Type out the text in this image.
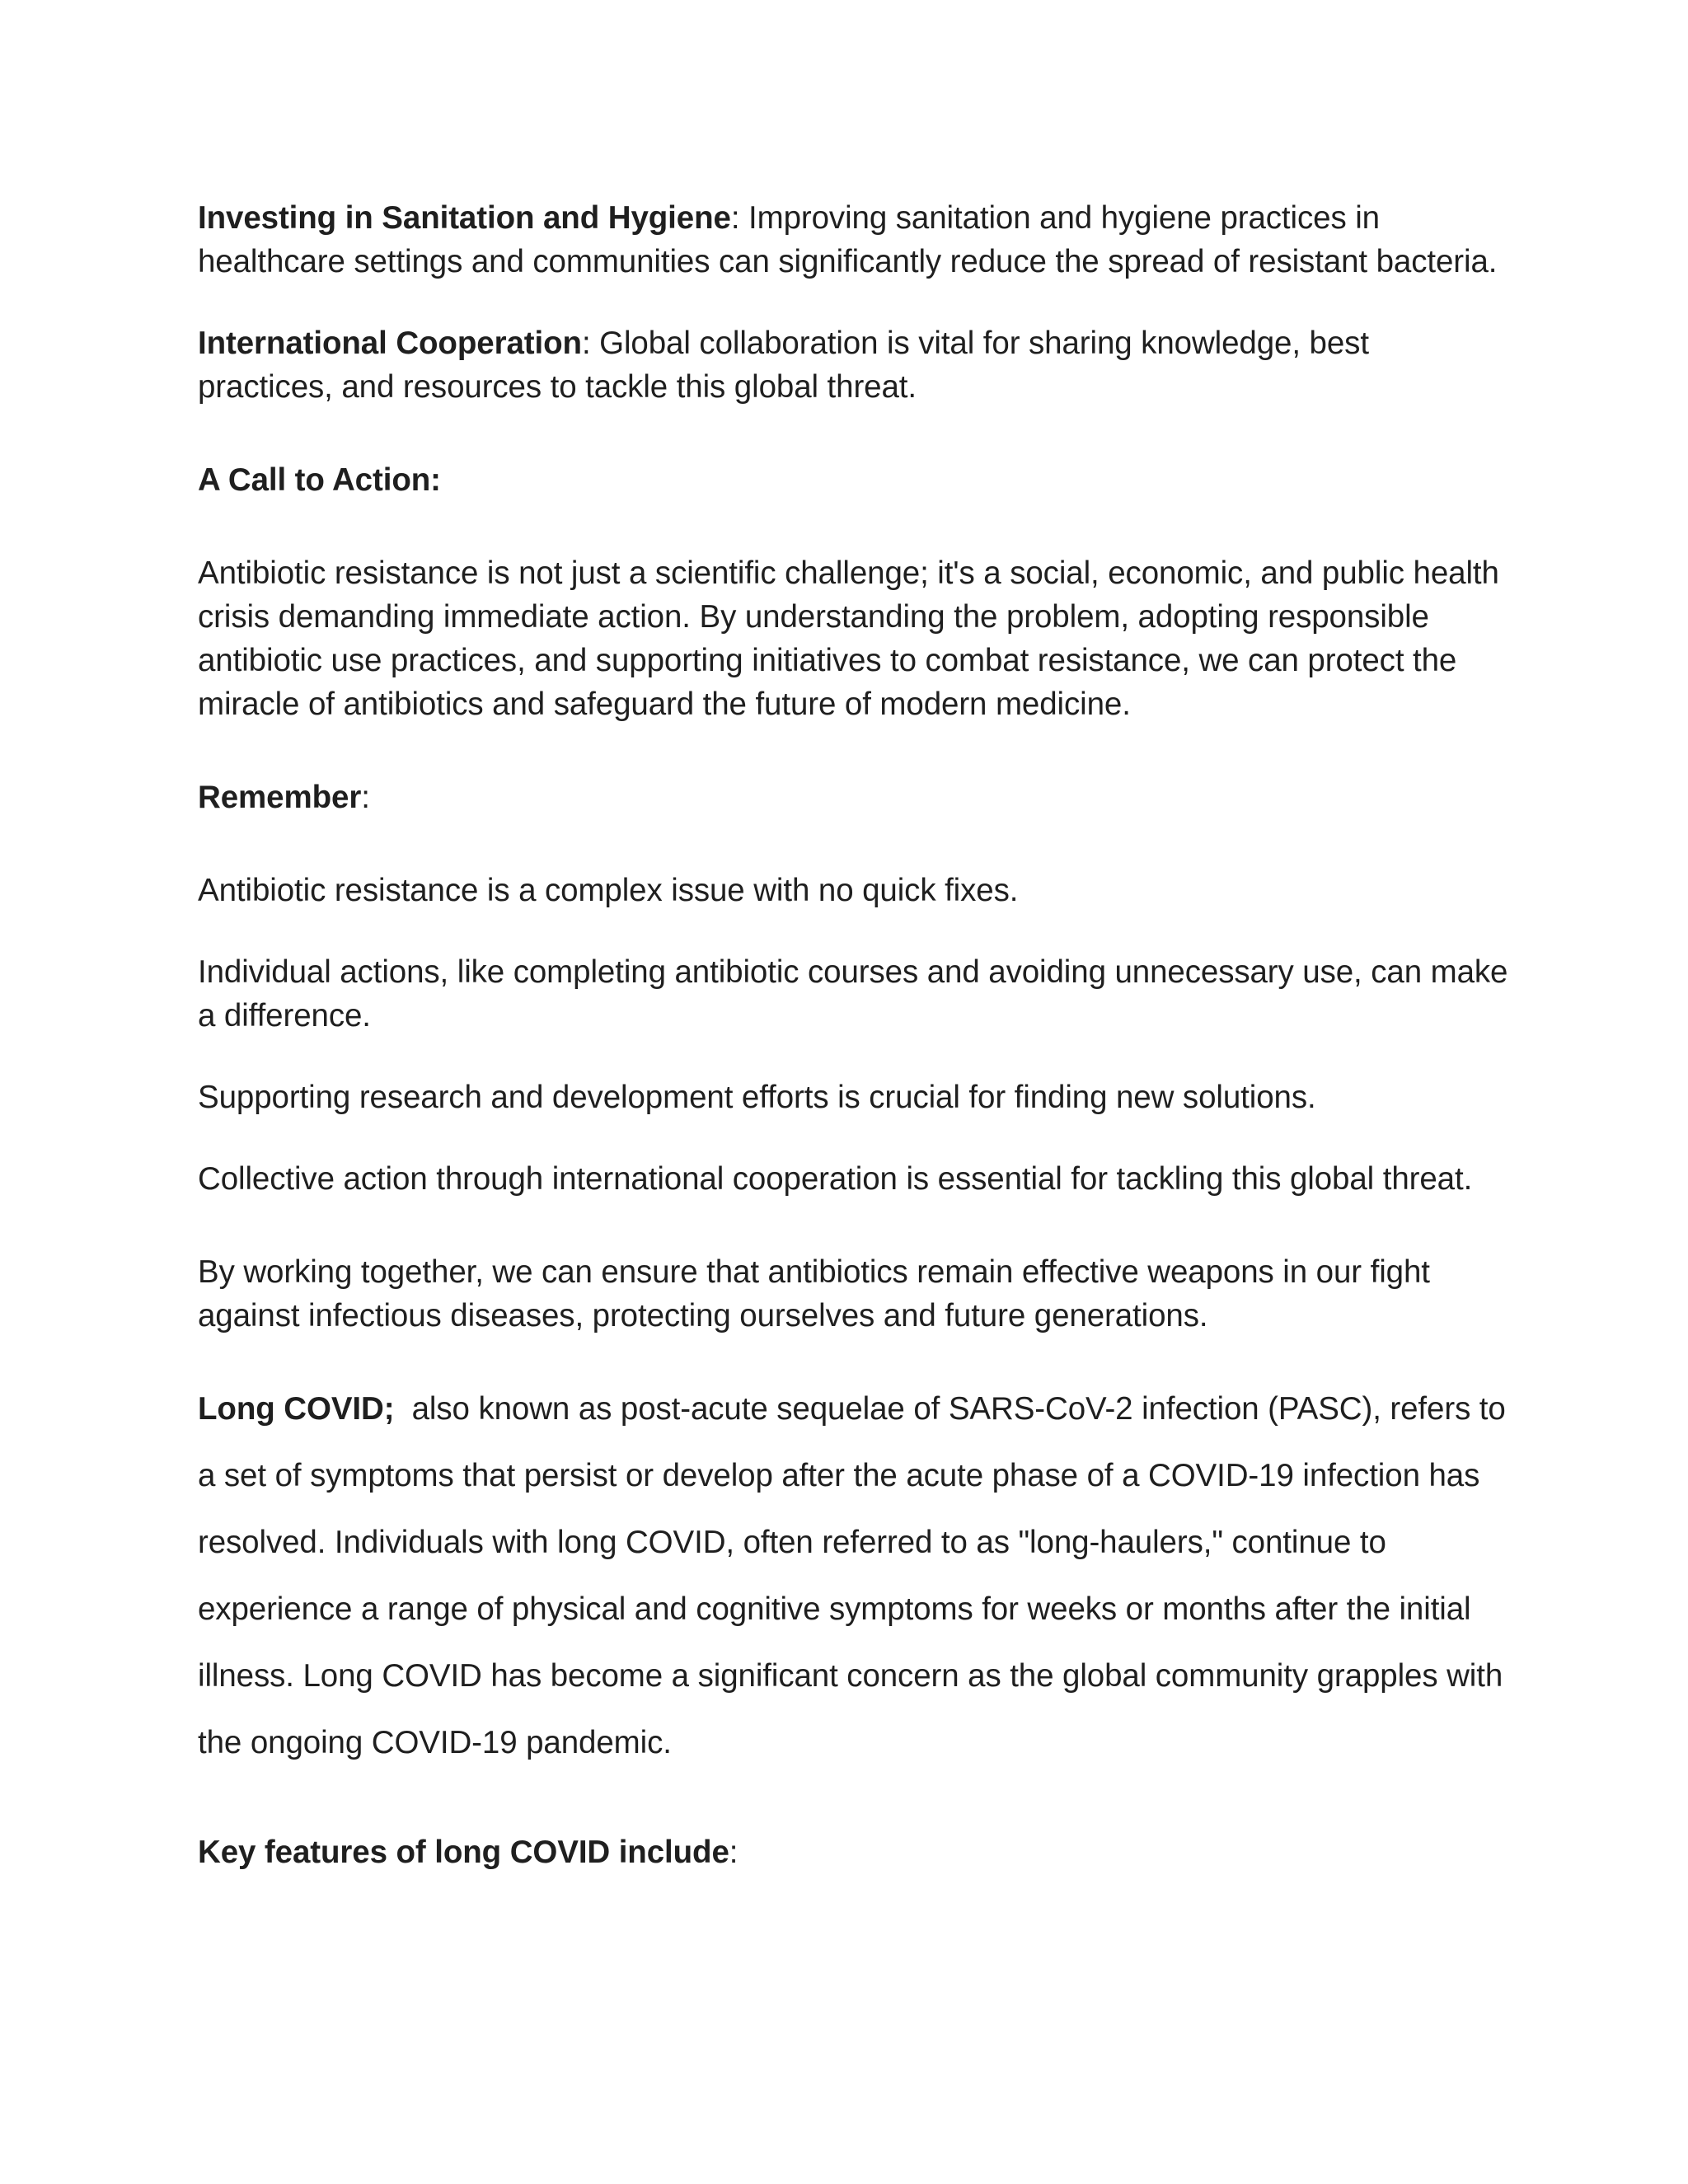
Investing in Sanitation and Hygiene: Improving sanitation and hygiene practices in healthcare settings and communities can significantly reduce the spread of resistant bacteria.

International Cooperation: Global collaboration is vital for sharing knowledge, best practices, and resources to tackle this global threat.

A Call to Action:

Antibiotic resistance is not just a scientific challenge; it's a social, economic, and public health crisis demanding immediate action. By understanding the problem, adopting responsible antibiotic use practices, and supporting initiatives to combat resistance, we can protect the miracle of antibiotics and safeguard the future of modern medicine.

Remember:

Antibiotic resistance is a complex issue with no quick fixes.

Individual actions, like completing antibiotic courses and avoiding unnecessary use, can make a difference.

Supporting research and development efforts is crucial for finding new solutions.

Collective action through international cooperation is essential for tackling this global threat.

By working together, we can ensure that antibiotics remain effective weapons in our fight against infectious diseases, protecting ourselves and future generations.

Long COVID;  also known as post-acute sequelae of SARS-CoV-2 infection (PASC), refers to a set of symptoms that persist or develop after the acute phase of a COVID-19 infection has resolved. Individuals with long COVID, often referred to as "long-haulers," continue to experience a range of physical and cognitive symptoms for weeks or months after the initial illness. Long COVID has become a significant concern as the global community grapples with the ongoing COVID-19 pandemic.

Key features of long COVID include:
